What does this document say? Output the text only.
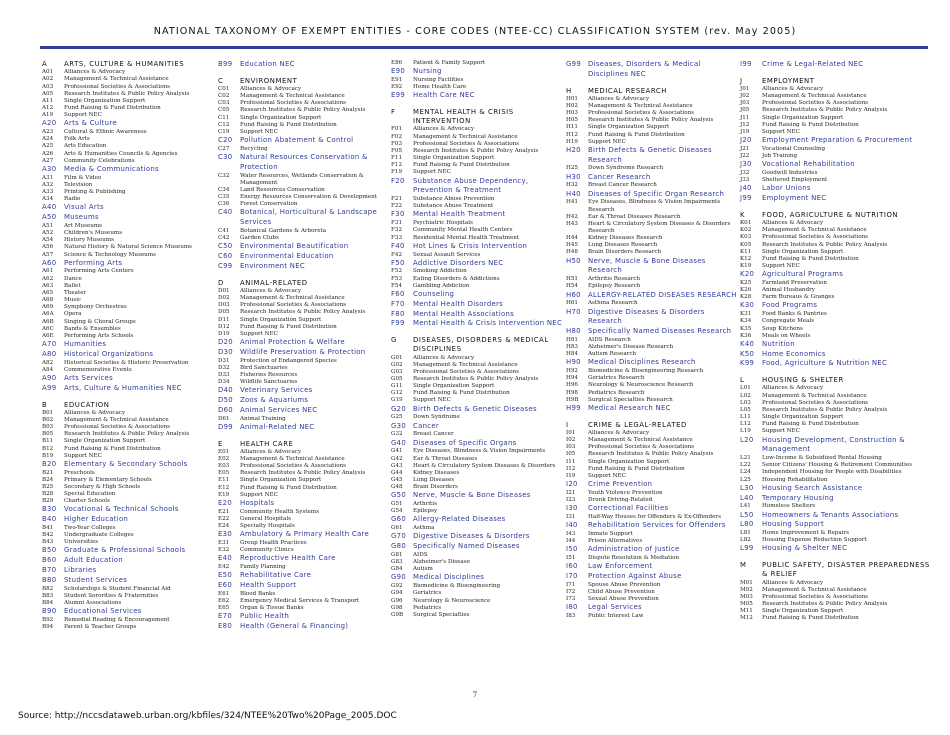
NATIONAL TAXONOMY OF EXEMPT ENTITIES - CORE CODES (NTEE-CC) CLASSIFICATION SYSTEM (rev. May 2005)
A ARTS, CULTURE & HUMANITIES
A01 Alliances & Advocacy
A02 Management & Technical Assistance
A03 Professional Societies & Associations
A05 Research Institutes & Public Policy Analysis
A11 Single Organization Support
A12 Fund Raising & Fund Distribution
A19 Support NEC
A20 Arts & Culture
A23 Cultural & Ethnic Awareness
A24 Folk Arts
A25 Arts Education
A26 Arts & Humanities Councils & Agencies
A27 Community Celebrations
A30 Media & Communications
A31 Film & Video
A32 Television
A33 Printing & Publishing
A34 Radio
A40 Visual Arts
A50 Museums
A51 Art Museums
A52 Children's Museums
A54 History Museums
A56 Natural History & Natural Science Museums
A57 Science & Technology Museums
A60 Performing Arts
A61 Performing Arts Centers
A62 Dance
A63 Ballet
A65 Theater
A68 Music
A69 Symphony Orchestras
A6A Opera
A6B Singing & Choral Groups
A6C Bands & Ensembles
A6E Performing Arts Schools
A70 Humanities
A80 Historical Organizations
A82 Historical Societies & Historic Preservation
A84 Commemorative Events
A90 Arts Services
A99 Arts, Culture & Humanities NEC
B EDUCATION
B01 Alliances & Advocacy
B02 Management & Technical Assistance
B03 Professional Societies & Associations
B05 Research Institutes & Public Policy Analysis
B11 Single Organization Support
B12 Fund Raising & Fund Distribution
B19 Support NEC
B20 Elementary & Secondary Schools
B21 Preschools
B24 Primary & Elementary Schools
B25 Secondary & High Schools
B28 Special Education
B29 Charter Schools
B30 Vocational & Technical Schools
B40 Higher Education
B41 Two-Year Colleges
B42 Undergraduate Colleges
B43 Universities
B50 Graduate & Professional Schools
B60 Adult Education
B70 Libraries
B80 Student Services
B82 Scholarships & Student Financial Aid
B83 Student Sororities & Fraternities
B84 Alumni Associations
B90 Educational Services
B92 Remedial Reading & Encouragement
B94 Parent & Teacher Groups
B99 Education NEC
C ENVIRONMENT
C01 Alliances & Advocacy
C02 Management & Technical Assistance
C03 Professional Societies & Associations
C05 Research Institutes & Public Policy Analysis
C11 Single Organization Support
C12 Fund Raising & Fund Distribution
C19 Support NEC
C20 Pollution Abatement & Control
C27 Recycling
C30 Natural Resources Conservation & Protection
C32 Water Resources, Wetlands Conservation & Management
C34 Land Resources Conservation
C35 Energy Resources Conservation & Development
C36 Forest Conservation
C40 Botanical, Horticultural & Landscape Services
C41 Botanical Gardens & Arboreta
C42 Garden Clubs
C50 Environmental Beautification
C60 Environmental Education
C99 Environment NEC
D ANIMAL-RELATED
D01 Alliances & Advocacy
D02 Management & Technical Assistance
D03 Professional Societies & Associations
D05 Research Institutes & Public Policy Analysis
D11 Single Organization Support
D12 Fund Raising & Fund Distribution
D19 Support NEC
D20 Animal Protection & Welfare
D30 Wildlife Preservation & Protection
D31 Protection of Endangered Species
D32 Bird Sanctuaries
D33 Fisheries Resources
D34 Wildlife Sanctuaries
D40 Veterinary Services
D50 Zoos & Aquariums
D60 Animal Services NEC
D61 Animal Training
D99 Animal-Related NEC
E HEALTH CARE
E01 Alliances & Advocacy
E02 Management & Technical Assistance
E03 Professional Societies & Associations
E05 Research Institutes & Public Policy Analysis
E11 Single Organization Support
E12 Fund Raising & Fund Distribution
E19 Support NEC
E20 Hospitals
E21 Community Health Systems
E22 General Hospitals
E24 Specialty Hospitals
E30 Ambulatory & Primary Health Care
E31 Group Health Practices
E32 Community Clinics
E40 Reproductive Health Care
E42 Family Planning
E50 Rehabilitative Care
E60 Health Support
E61 Blood Banks
E62 Emergency Medical Services & Transport
E65 Organ & Tissue Banks
E70 Public Health
E80 Health (General & Financing)
E86 Patient & Family Support
E90 Nursing
E91 Nursing Facilities
E92 Home Health Care
E99 Health Care NEC
F	MENTAL HEALTH & CRISIS INTERVENTION
F01 Alliances & Advocacy
F02 Management & Technical Assistance
F03 Professional Societies & Associations
F05 Research Institutes & Public Policy Analysis
F11 Single Organization Support
F12 Fund Raising & Fund Distribution
F19 Support NEC
F20 Substance Abuse Dependency, Prevention & Treatment
F21 Substance Abuse Prevention
F22 Substance Abuse Treatment
F30 Mental Health Treatment
F31 Psychiatric Hospitals
F32 Community Mental Health Centers
F33 Residential Mental Health Treatment
F40 Hot Lines & Crisis Intervention
F42 Sexual Assault Services
F50 Addictive Disorders NEC
F52 Smoking Addiction
F53 Eating Disorders & Addictions
F54 Gambling Addiction
F60 Counseling
F70 Mental Health Disorders
F80 Mental Health Associations
F99 Mental Health & Crisis Intervention NEC
G DISEASES, DISORDERS & MEDICAL DISCIPLINES
G01 Alliances & Advocacy
G02 Management & Technical Assistance
G03 Professional Societies & Associations
G05 Research Institutes & Public Policy Analysis
G11 Single Organization Support
G12 Fund Raising & Fund Distribution
G19 Support NEC
G20 Birth Defects & Genetic Diseases
G25 Down Syndrome
G30 Cancer
G32 Breast Cancer
G40 Diseases of Specific Organs
G41 Eye Diseases, Blindness & Vision Impairments
G42 Ear & Throat Diseases
G43 Heart & Circulatory System Diseases & Disorders
G44 Kidney Diseases
G45 Lung Diseases
G48 Brain Disorders
G50 Nerve, Muscle & Bone Diseases
G51 Arthritis
G54 Epilepsy
G60 Allergy-Related Diseases
G61 Asthma
G70 Digestive Diseases & Disorders
G80 Specifically Named Diseases
G81 AIDS
G83 Alzheimer's Disease
G84 Autism
G90 Medical Disciplines
G92 Biomedicine & Bioengineering
G94 Geriatrics
G96 Neurology & Neuroscience
G98 Pediatrics
G9B Surgical Specialties
G99 Diseases, Disorders & Medical Disciplines NEC
H MEDICAL RESEARCH
H01 Alliances & Advocacy
H02 Management & Technical Assistance
H03 Professional Societies & Associations
H05 Research Institutes & Public Policy Analysis
H11 Single Organization Support
H12 Fund Raising & Fund Distribution
H19 Support NEC
H20 Birth Defects & Genetic Diseases Research
H25 Down Syndrome Research
H30 Cancer Research
H32 Breast Cancer Research
H40 Diseases of Specific Organ Research
H41 Eye Diseases, Blindness & Vision Impairments Research
H42 Ear & Throat Diseases Research
H43 Heart & Circulatory System Diseases & Disorders Research
H44 Kidney Diseases Research
H45 Lung Diseases Research
H48 Brain Disorders Research
H50 Nerve, Muscle & Bone Diseases Research
H51 Arthritis Research
H54 Epilepsy Research
H60 ALLERGY-RELATED DISEASES RESEARCH
H61 Asthma Research
H70 Digestive Diseases & Disorders Research
H80 Specifically Named Diseases Research
H81 AIDS Research
H83 Alzheimer's Disease Research
H84 Autism Research
H90 Medical Disciplines Research
H92 Biomedicine & Bioengineering Research
H94 Geriatrics Research
H96 Neurology & Neuroscience Research
H98 Pediatrics Research
H9B Surgical Specialties Research
H99 Medical Research NEC
I	CRIME & LEGAL-RELATED
I01 Alliances & Advocacy
I02 Management & Technical Assistance
I03 Professional Societies & Associations
I05 Research Institutes & Public Policy Analysis
I11 Single Organization Support
I12 Fund Raising & Fund Distribution
I19 Support NEC
I20 Crime Prevention
I21 Youth Violence Prevention
I23 Drunk Driving-Related
I30 Correctional Facilities
I31 Half-Way Houses for Offenders & Ex-Offenders
I40 Rehabilitation Services for Offenders
I43 Inmate Support
I44 Prison Alternatives
I50 Administration of Justice
I51 Dispute Resolution & Mediation
I60 Law Enforcement
I70 Protection Against Abuse
I71 Spouse Abuse Prevention
I72 Child Abuse Prevention
I73 Sexual Abuse Prevention
I80 Legal Services
I83 Public Interest Law
I99 Crime & Legal-Related NEC
J	EMPLOYMENT
J01 Alliances & Advocacy
J02 Management & Technical Assistance
J03 Professional Societies & Associations
J05 Research Institutes & Public Policy Analysis
J11 Single Organization Support
J12 Fund Raising & Fund Distribution
J19 Support NEC
J20 Employment Preparation & Procurement
J21 Vocational Counseling
J22 Job Training
J30 Vocational Rehabilitation
J32 Goodwill Industries
J33 Sheltered Employment
J40 Labor Unions
J99 Employment NEC
K FOOD, AGRICULTURE & NUTRITION
K01 Alliances & Advocacy
K02 Management & Technical Assistance
K03 Professional Societies & Associations
K05 Research Institutes & Public Policy Analysis
K11 Single Organization Support
K12 Fund Raising & Fund Distribution
K19 Support NEC
K20 Agricultural Programs
K25 Farmland Preservation
K26 Animal Husbandry
K28 Farm Bureaus & Granges
K30 Food Programs
K31 Food Banks & Pantries
K34 Congregate Meals
K35 Soup Kitchens
K36 Meals on Wheels
K40 Nutrition
K50 Home Economics
K99 Food, Agriculture & Nutrition NEC
L	HOUSING & SHELTER
L01 Alliances & Advocacy
L02 Management & Technical Assistance
L03 Professional Societies & Associations
L05 Research Institutes & Public Policy Analysis
L11 Single Organization Support
L12 Fund Raising & Fund Distribution
L19 Support NEC
L20 Housing Development, Construction & Management
L21 Low-Income & Subsidized Rental Housing
L22 Senior Citizens' Housing & Retirement Communities
L24 Independent Housing for People with Disabilities
L25 Housing Rehabilitation
L30 Housing Search Assistance
L40 Temporary Housing
L41 Homeless Shelters
L50 Homeowners & Tenants Associations
L80 Housing Support
L81 Home Improvement & Repairs
L82 Housing Expense Reduction Support
L99 Housing & Shelter NEC
M PUBLIC SAFETY, DISASTER PREPAREDNESS & RELIEF
M01 Alliances & Advocacy
M02 Management & Technical Assistance
M03 Professional Societies & Associations
M05 Research Institutes & Public Policy Analysis
M11 Single Organization Support
M12 Fund Raising & Fund Distribution
7
Source: http://nccsdataweb.urban.org/kbfiles/324/NTEE%20Two%20Page_2005.DOC
